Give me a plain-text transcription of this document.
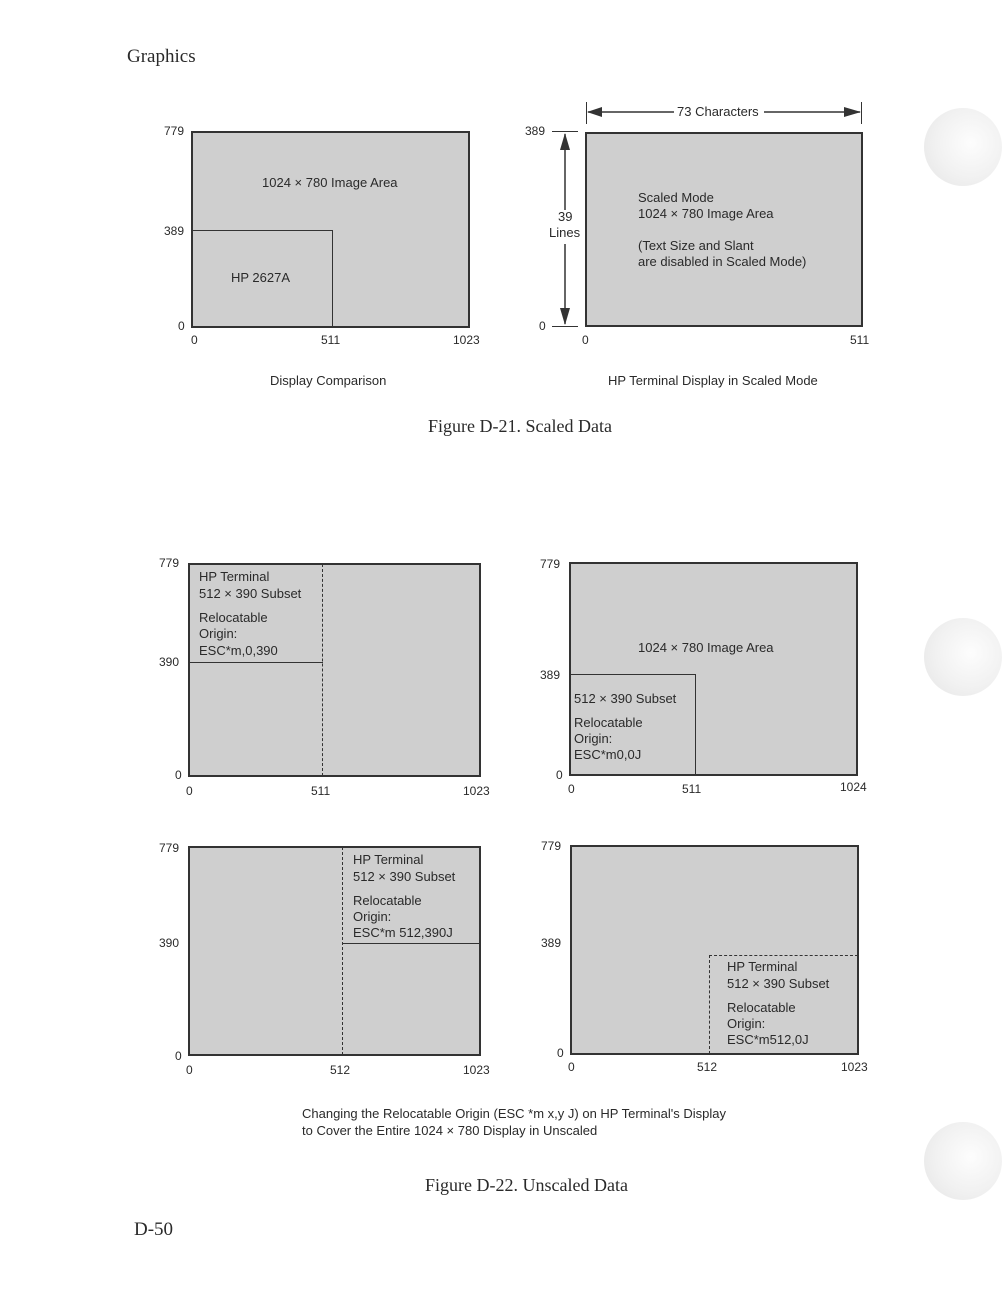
Graphics
D-50
1024 × 780 Image Area
HP 2627A
779
389
0
0	511	1023
Display Comparison
73 Characters
39
Lines
389
0
Scaled Mode
1024 × 780 Image Area
(Text Size and Slant
are disabled in Scaled Mode)
0	511
HP Terminal Display in Scaled Mode
Figure D-21. Scaled Data
HP Terminal
512 × 390 Subset
Relocatable
Origin:
ESC*m,0,390
779
390
0
0	511	1023
1024 × 780 Image Area
512 × 390 Subset
Relocatable
Origin:
ESC*m0,0J
779
389
0
0	511	1024
HP Terminal
512 × 390 Subset
Relocatable
Origin:
ESC*m 512,390J
779
390
0
0	512	1023
HP Terminal
512 × 390 Subset
Relocatable
Origin:
ESC*m512,0J
779
389
0
0	512	1023
Changing the Relocatable Origin (ESC *m x,y J) on HP Terminal's Display
to Cover the Entire 1024 × 780 Display in Unscaled
Figure D-22. Unscaled Data
